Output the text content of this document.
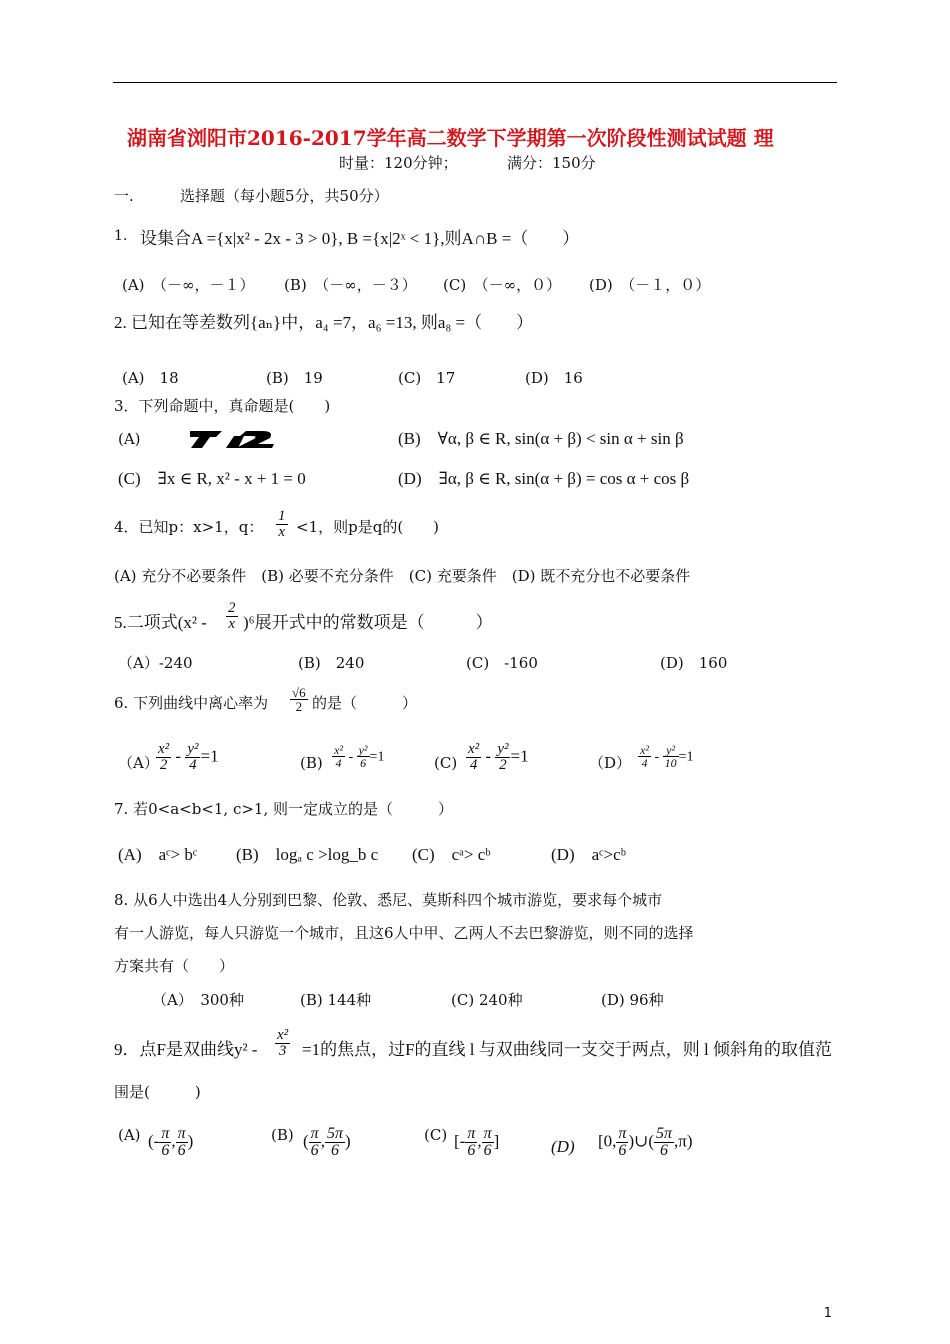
湖南省浏阳市2016-2017学年高二数学下学期第一次阶段性测试试题 理
时量：120分钟；	满分：150分
一.	选择题（每小题5分，共50分）
1. 设集合A ={x|x² - 2x - 3 > 0}, B ={x|2ˣ < 1},则A∩B =（　　）
(A)　（－∞，－１） (B)　（－∞，－３） (C)　（－∞，０） (D)　（－１，０）
2. 已知在等差数列{aₙ}中，a₄ =7，a₆ =13, 则a₈ =（　　）
(A)　18	(B)　19	(C)　17	(D)　16
3．下列命题中，真命题是(　　)
(A)	(B)　∀α, β ∈ R, sin(α + β) < sin α + sin β
(C)　∃x ∈ R, x² - x + 1 = 0	(D)　∃α, β ∈ R, sin(α + β) = cos α + cos β
4．已知p：x>1，q： $\frac{1}{x} <1$，则p是q的(　　)
(A) 充分不必要条件　(B) 必要不充分条件　(C) 充要条件　(D) 既不充分也不必要条件
5.二项式$(x^2 - \frac{2}{x} )^6$展开式中的常数项是（　　　）
（A）-240	(B)　240	(C)　-160	(D)　160
6. 下列曲线中离心率为 $\frac{√6}{2}$ 的是（　　　）
（A）
$\frac{\text{x²}}{2} - \frac{\text{y²}}{4} =1$	$(B) \frac{\text{x²}}{4} - \frac{\text{y²}}{6} =1$	$(C) \frac{\text{x²}}{4} - \frac{\text{y²}}{2} =1$	$(D) \frac{\text{x²}}{4} - \frac{\text{y²}}{10} =1$
7. 若0<a<b<1, c>1, 则一定成立的是（　　　）
(A)　aᶜ> bᶜ (B)　logₐ c >log_b c (C)　cᵃ> cᵇ	(D)　aᶜ>cᵇ
8. 从6人中选出4人分别到巴黎、伦敦、悉尼、莫斯科四个城市游览，要求每个城市
有一人游览，每人只游览一个城市，且这6人中甲、乙两人不去巴黎游览，则不同的选择
方案共有（　　）
（A）　300种	(B) 144种	(C) 240种	(D) 96种
9．点F是双曲线$y^2 - \frac{\text{x²}}{3} =1$的焦点，过F的直线 l 与双曲线同一支交于两点，则 l 倾斜角的取值范
围是(　　　)
(A) (- $\frac{\pi}{6}$ , $\frac{\pi}{6}$ )	(B) ( $\frac{\pi}{6}$ , $\frac{5\pi}{6}$ )	(C) [- $\frac{\pi}{6}$ , $\frac{\pi}{6}$ ]	(D) [0, $\frac{\pi}{6}$ )∪( $\frac{5\pi}{6} ,\pi$)
1
